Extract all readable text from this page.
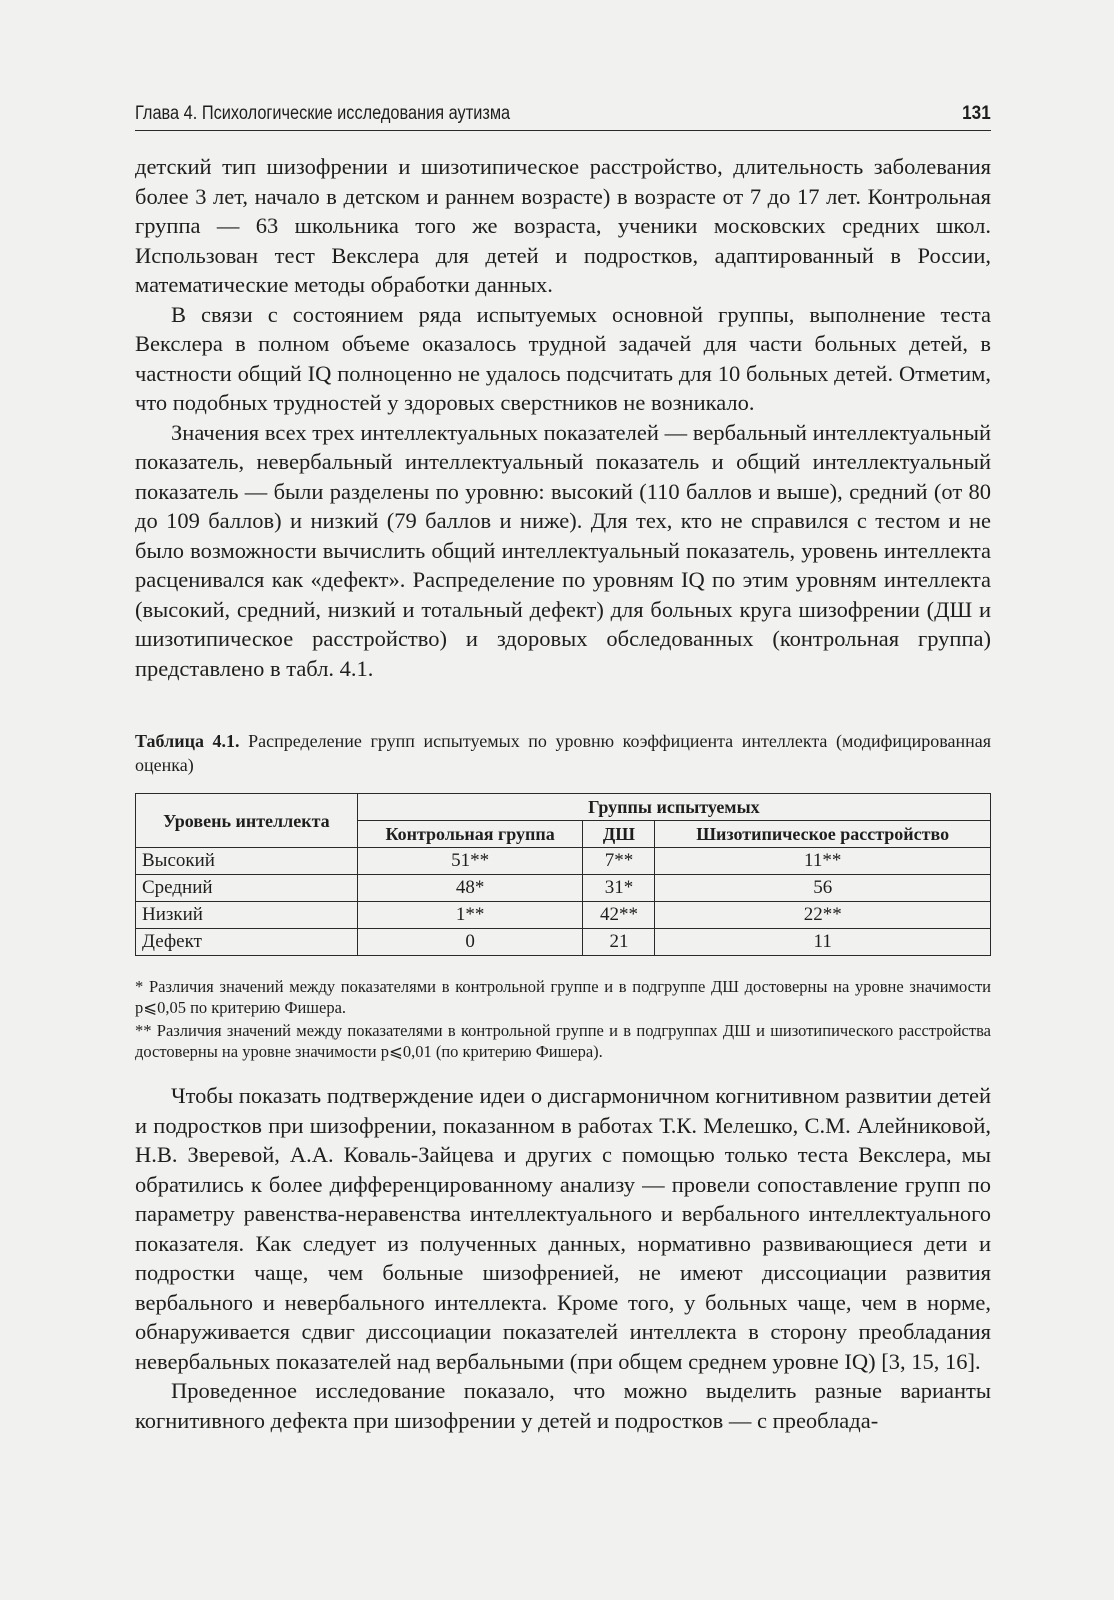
Глава 4. Психологические исследования аутизма	131

детский тип шизофрении и шизотипическое расстройство, длительность заболевания более 3 лет, начало в детском и раннем возрасте) в возрасте от 7 до 17 лет. Контрольная группа — 63 школьника того же возраста, ученики московских средних школ. Использован тест Векслера для детей и подростков, адаптированный в России, математические методы обработки данных.

В связи с состоянием ряда испытуемых основной группы, выполнение теста Векслера в полном объеме оказалось трудной задачей для части больных детей, в частности общий IQ полноценно не удалось подсчитать для 10 больных детей. Отметим, что подобных трудностей у здоровых сверстников не возникало.

Значения всех трех интеллектуальных показателей — вербальный интеллектуальный показатель, невербальный интеллектуальный показатель и общий интеллектуальный показатель — были разделены по уровню: высокий (110 баллов и выше), средний (от 80 до 109 баллов) и низкий (79 баллов и ниже). Для тех, кто не справился с тестом и не было возможности вычислить общий интеллектуальный показатель, уровень интеллекта расценивался как «дефект». Распределение по уровням IQ по этим уровням интеллекта (высокий, средний, низкий и тотальный дефект) для больных круга шизофрении (ДШ и шизотипическое расстройство) и здоровых обследованных (контрольная группа) представлено в табл. 4.1.

Таблица 4.1. Распределение групп испытуемых по уровню коэффициента интеллекта (модифицированная оценка)
Уровень интеллекта	Группы испытуемых		
	Контрольная группа	ДШ	Шизотипическое расстройство
Высокий	51**	7**	11**
Средний	48*	31*	56
Низкий	1**	42**	22**
Дефект	0	21	11

* Различия значений между показателями в контрольной группе и в подгруппе ДШ достоверны на уровне значимости p⩽0,05 по критерию Фишера.

** Различия значений между показателями в контрольной группе и в подгруппах ДШ и шизотипического расстройства достоверны на уровне значимости p⩽0,01 (по критерию Фишера).

Чтобы показать подтверждение идеи о дисгармоничном когнитивном развитии детей и подростков при шизофрении, показанном в работах Т.К. Мелешко, С.М. Алейниковой, Н.В. Зверевой, А.А. Коваль-Зайцева и других с помощью только теста Векслера, мы обратились к более дифференцированному анализу — провели сопоставление групп по параметру равенства-неравенства интеллектуального и вербального интеллектуального показателя. Как следует из полученных данных, нормативно развивающиеся дети и подростки чаще, чем больные шизофренией, не имеют диссоциации развития вербального и невербального интеллекта. Кроме того, у больных чаще, чем в норме, обнаруживается сдвиг диссоциации показателей интеллекта в сторону преобладания невербальных показателей над вербальными (при общем среднем уровне IQ) [3, 15, 16].

Проведенное исследование показало, что можно выделить разные варианты когнитивного дефекта при шизофрении у детей и подростков — с преоблада-
